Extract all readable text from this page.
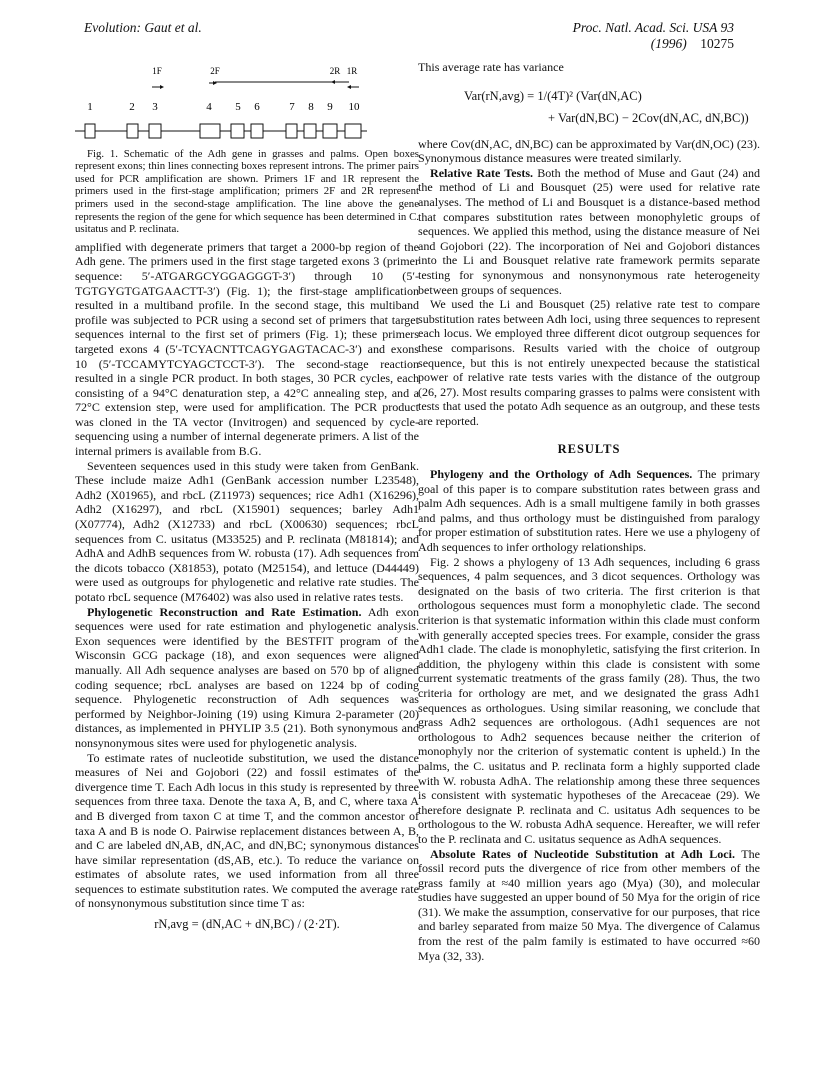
Evolution: Gaut et al.	Proc. Natl. Acad. Sci. USA 93 (1996) 10275
1F	2F	2R 1R
1	2 3	4 5 6	7 8 9 10

Fig. 1. Schematic of the Adh gene in grasses and palms. Open boxes represent exons; thin lines connecting boxes represent introns. The primer pairs used for PCR amplification are shown. Primers 1F and 1R represent the primers used in the first-stage amplification; primers 2F and 2R represent primers used in the second-stage amplification. The line above the gene represents the region of the gene for which sequence has been determined in C. usitatus and P. reclinata.

amplified with degenerate primers that target a 2000-bp region of the Adh gene. The primers used in the first stage targeted exons 3 (primer sequence: 5′-ATGARGCYGGAGGGT-3′) through 10 (5′-TGTGYGTGATGAACTT-3′) (Fig. 1); the first-stage amplification resulted in a multiband profile. In the second stage, this multiband profile was subjected to PCR using a second set of primers that target sequences internal to the first set of primers (Fig. 1); these primers targeted exons 4 (5′-TCYACNTTCAGYGAGTACAC-3′) and exons 10 (5′-TCCAMYTCYAGCTCCT-3′). The second-stage reaction resulted in a single PCR product. In both stages, 30 PCR cycles, each consisting of a 94°C denaturation step, a 42°C annealing step, and a 72°C extension step, were used for amplification. The PCR product was cloned in the TA vector (Invitrogen) and sequenced by cycle-sequencing using a number of internal degenerate primers. A list of the internal primers is available from B.G.

Seventeen sequences used in this study were taken from GenBank. These include maize Adh1 (GenBank accession number L23548), Adh2 (X01965), and rbcL (Z11973) sequences; rice Adh1 (X16296), Adh2 (X16297), and rbcL (X15901) sequences; barley Adh1 (X07774), Adh2 (X12733) and rbcL (X00630) sequences; rbcL sequences from C. usitatus (M33525) and P. reclinata (M81814); and AdhA and AdhB sequences from W. robusta (17). Adh sequences from the dicots tobacco (X81853), potato (M25154), and lettuce (D44449) were used as outgroups for phylogenetic and relative rate studies. The potato rbcL sequence (M76402) was also used in relative rates tests.

Phylogenetic Reconstruction and Rate Estimation. Adh exon sequences were used for rate estimation and phylogenetic analysis. Exon sequences were identified by the BESTFIT program of the Wisconsin GCG package (18), and exon sequences were aligned manually. All Adh sequence analyses are based on 570 bp of aligned coding sequence; rbcL analyses are based on 1224 bp of coding sequence. Phylogenetic reconstruction of Adh sequences was performed by Neighbor-Joining (19) using Kimura 2-parameter (20) distances, as implemented in PHYLIP 3.5 (21). Both synonymous and nonsynonymous sites were used for phylogenetic analysis.

To estimate rates of nucleotide substitution, we used the distance measures of Nei and Gojobori (22) and fossil estimates of the divergence time T. Each Adh locus in this study is represented by three sequences from three taxa. Denote the taxa A, B, and C, where taxa A and B diverged from taxon C at time T, and the common ancestor of taxa A and B is node O. Pairwise replacement distances between A, B, and C are labeled dN,AB, dN,AC, and dN,BC; synonymous distances have similar representation (dS,AB, etc.). To reduce the variance on estimates of absolute rates, we used information from all three sequences to estimate substitution rates. We computed the average rate of nonsynonymous substitution since time T as:

rN,avg = (dN,AC + dN,BC) / (2·2T).

This average rate has variance

Var(rN,avg) = 1/(4T)² (Var(dN,AC)
+ Var(dN,BC) − 2Cov(dN,AC, dN,BC))

where Cov(dN,AC, dN,BC) can be approximated by Var(dN,OC) (23). Synonymous distance measures were treated similarly.

Relative Rate Tests. Both the method of Muse and Gaut (24) and the method of Li and Bousquet (25) were used for relative rate analyses. The method of Li and Bousquet is a distance-based method that compares substitution rates between monophyletic groups of sequences. We applied this method, using the distance measure of Nei and Gojobori (22). The incorporation of Nei and Gojobori distances into the Li and Bousquet relative rate framework permits separate testing for synonymous and nonsynonymous rate heterogeneity between groups of sequences.

We used the Li and Bousquet (25) relative rate test to compare substitution rates between Adh loci, using three sequences to represent each locus. We employed three different dicot outgroup sequences for these comparisons. Results varied with the choice of outgroup sequence, but this is not entirely unexpected because the statistical power of relative rate tests varies with the distance of the outgroup (26, 27). Most results comparing grasses to palms were consistent with tests that used the potato Adh sequence as an outgroup, and these tests are reported.

RESULTS

Phylogeny and the Orthology of Adh Sequences. The primary goal of this paper is to compare substitution rates between grass and palm Adh sequences. Adh is a small multigene family in both grasses and palms, and thus orthology must be distinguished from paralogy for proper estimation of substitution rates. Here we use a phylogeny of Adh sequences to infer orthology relationships.

Fig. 2 shows a phylogeny of 13 Adh sequences, including 6 grass sequences, 4 palm sequences, and 3 dicot sequences. Orthology was designated on the basis of two criteria. The first criterion is that orthologous sequences must form a monophyletic clade. The second criterion is that systematic information within this clade must conform with generally accepted species trees. For example, consider the grass Adh1 clade. The clade is monophyletic, satisfying the first criterion. In addition, the phylogeny within this clade is consistent with some current systematic treatments of the grass family (28). Thus, the two criteria for orthology are met, and we designated the grass Adh1 sequences as orthologues. Using similar reasoning, we conclude that grass Adh2 sequences are orthologous. (Adh1 sequences are not orthologous to Adh2 sequences because neither the criterion of monophyly nor the criterion of systematic content is upheld.) In the palms, the C. usitatus and P. reclinata form a highly supported clade with W. robusta AdhA. The relationship among these three sequences is consistent with systematic hypotheses of the Arecaceae (29). We therefore designate P. reclinata and C. usitatus Adh sequences to be orthologous to the W. robusta AdhA sequence. Hereafter, we will refer to the P. reclinata and C. usitatus sequence as AdhA sequences.

Absolute Rates of Nucleotide Substitution at Adh Loci. The fossil record puts the divergence of rice from other members of the grass family at ≈40 million years ago (Mya) (30), and molecular studies have suggested an upper bound of 50 Mya for the origin of rice (31). We make the assumption, conservative for our purposes, that rice and barley separated from maize 50 Mya. The divergence of Calamus from the rest of the palm family is estimated to have occurred ≈60 Mya (32, 33).
